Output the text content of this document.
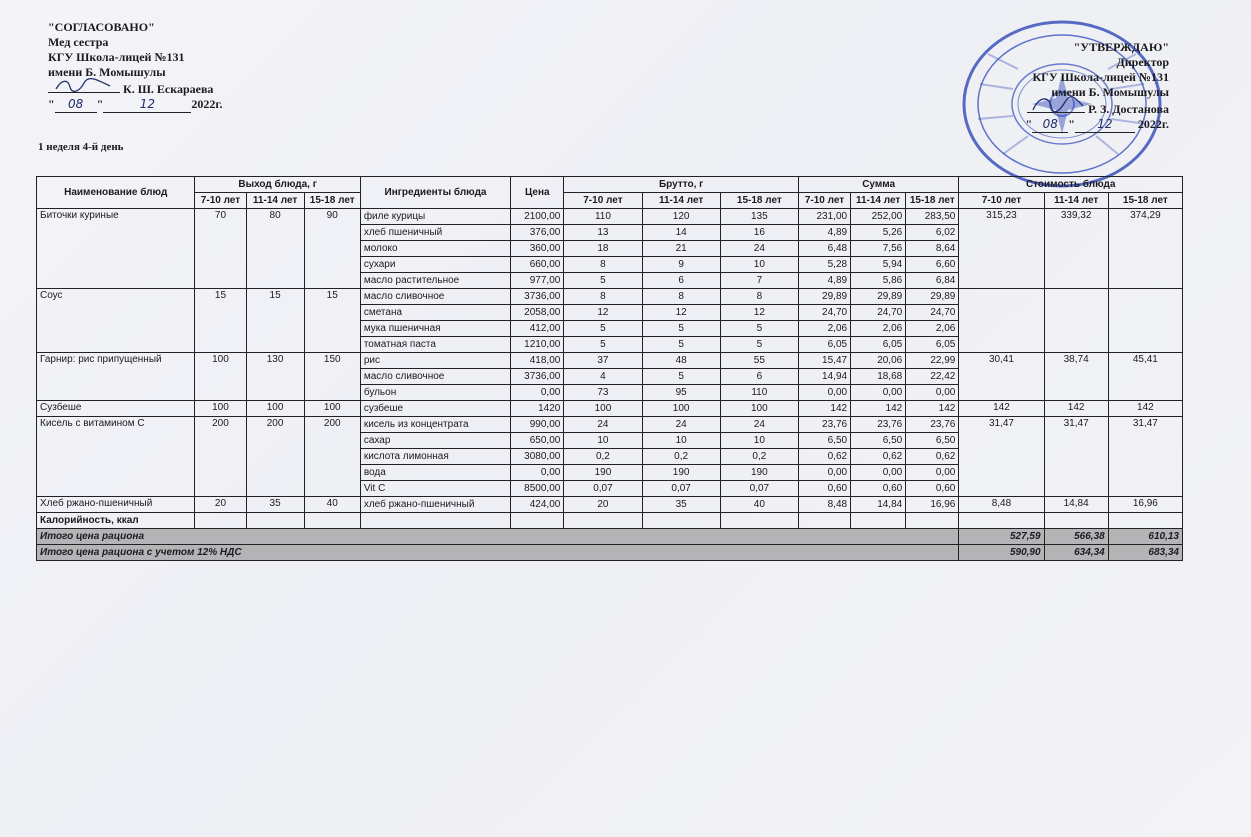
"СОГЛАСОВАНО"
Мед сестра
КГУ Школа-лицей №131
имени Б. Момышулы
К. Ш. Ескараева
" 08 "	12	2022г.
1 неделя 4-й день
"УТВЕРЖДАЮ"
Директор
КГУ Школа-лицей №131
имени Б. Момышулы
Р. З. Достанова
" 08 " 12 2022г.
Наименование блюд	Выход блюда, г			Ингредиенты блюда	Цена	Брутто, г			Сумма			Стоимость блюда		
	7-10 лет	11-14 лет	15-18 лет			7-10 лет	11-14 лет	15-18 лет	7-10 лет	11-14 лет	15-18 лет	7-10 лет	11-14 лет	15-18 лет
Биточки куриные	70	80	90	филе курицы	2100,00	110	120	135	231,00	252,00	283,50	315,23	339,32	374,29
				хлеб пшеничный	376,00	13	14	16	4,89	5,26	6,02			
				молоко	360,00	18	21	24	6,48	7,56	8,64			
				сухари	660,00	8	9	10	5,28	5,94	6,60			
				масло растительное	977,00	5	6	7	4,89	5,86	6,84			
Соус	15	15	15	масло сливочное	3736,00	8	8	8	29,89	29,89	29,89			
				сметана	2058,00	12	12	12	24,70	24,70	24,70			
				мука пшеничная	412,00	5	5	5	2,06	2,06	2,06			
				томатная паста	1210,00	5	5	5	6,05	6,05	6,05			
Гарнир: рис припущенный	100	130	150	рис	418,00	37	48	55	15,47	20,06	22,99	30,41	38,74	45,41
				масло сливочное	3736,00	4	5	6	14,94	18,68	22,42			
				бульон	0,00	73	95	110	0,00	0,00	0,00			
Сузбеше	100	100	100	сузбеше	1420	100	100	100	142	142	142	142	142	142
Кисель с витамином С	200	200	200	кисель из концентрата	990,00	24	24	24	23,76	23,76	23,76	31,47	31,47	31,47
				сахар	650,00	10	10	10	6,50	6,50	6,50			
				кислота лимонная	3080,00	0,2	0,2	0,2	0,62	0,62	0,62			
				вода	0,00	190	190	190	0,00	0,00	0,00			
				Vit C	8500,00	0,07	0,07	0,07	0,60	0,60	0,60			
Хлеб ржано-пшеничный	20	35	40	хлеб ржано-пшеничный	424,00	20	35	40	8,48	14,84	16,96	8,48	14,84	16,96
Калорийность, ккал														
Итого цена рациона												527,59	566,38	610,13
Итого цена рациона с учетом 12% НДС												590,90	634,34	683,34
